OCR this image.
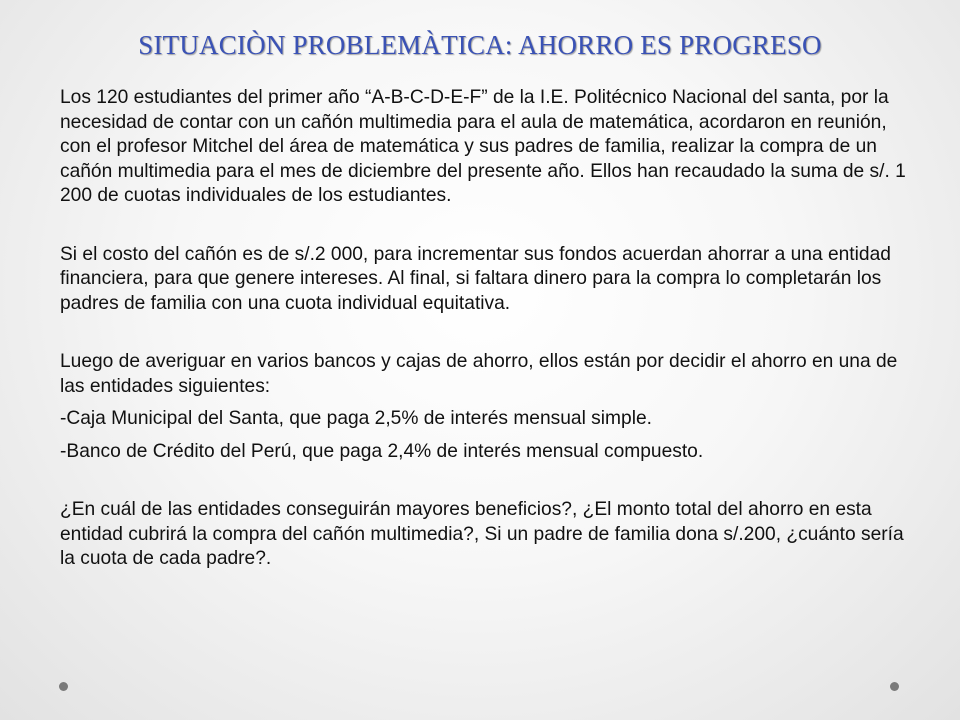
SITUACIÒN PROBLEMÀTICA: AHORRO ES PROGRESO

Los 120 estudiantes del primer año “A-B-C-D-E-F” de la I.E. Politécnico Nacional del santa, por la necesidad de contar con un cañón multimedia para el aula de matemática, acordaron en reunión, con el profesor Mitchel del área de matemática y sus padres de familia, realizar la compra de un cañón multimedia para el mes de diciembre del presente año. Ellos han recaudado la suma de s/. 1 200 de cuotas individuales de los estudiantes.

Si el costo del cañón es de s/.2 000, para incrementar sus fondos acuerdan ahorrar a una entidad financiera, para que genere intereses. Al final, si faltara dinero para la compra lo completarán los padres de familia con una cuota individual equitativa.

Luego de averiguar en varios bancos y cajas de ahorro, ellos están por decidir el ahorro en una de las entidades siguientes:

-Caja Municipal del Santa, que paga 2,5% de interés mensual simple.

-Banco de Crédito del Perú, que paga 2,4% de interés mensual compuesto.

¿En cuál de las entidades conseguirán mayores beneficios?, ¿El monto total del ahorro en esta entidad cubrirá la compra del cañón multimedia?, Si un padre de familia dona s/.200, ¿cuánto sería la cuota de cada padre?.
